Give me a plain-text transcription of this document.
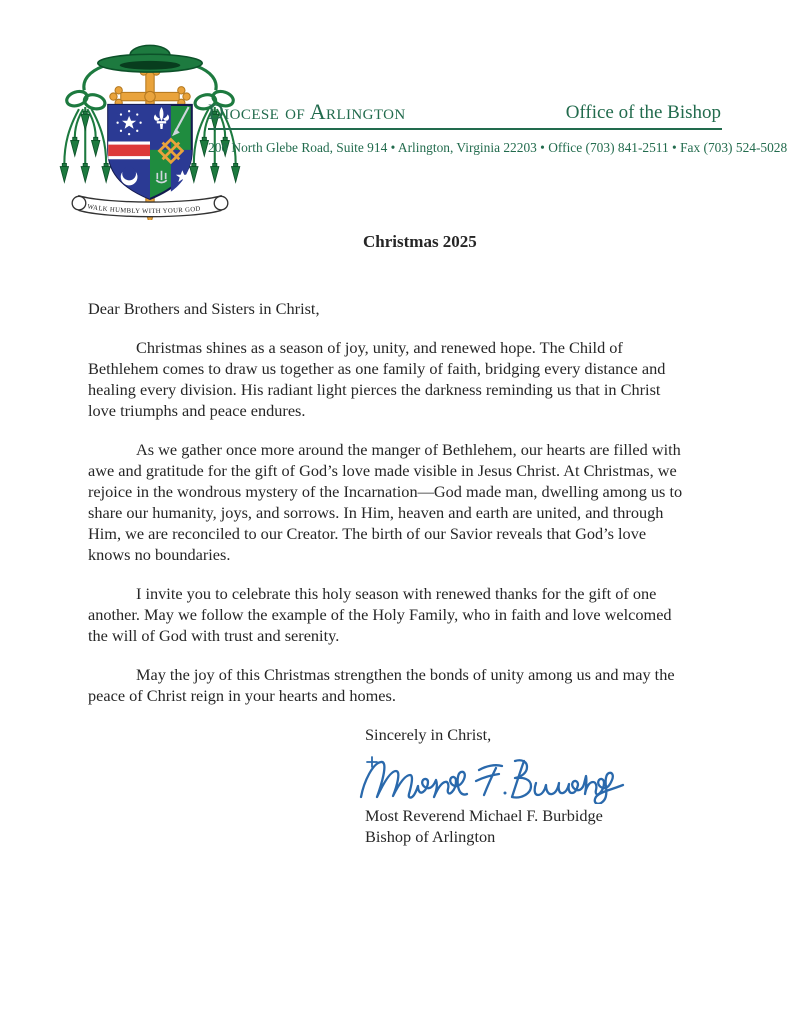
WALK HUMBLY WITH YOUR GOD
Diocese of Arlington	Office of the Bishop
200 North Glebe Road, Suite 914 • Arlington, Virginia 22203 • Office (703) 841-2511 • Fax (703) 524-5028
Christmas 2025

Dear Brothers and Sisters in Christ,

Christmas shines as a season of joy, unity, and renewed hope. The Child of Bethlehem comes to draw us together as one family of faith, bridging every distance and healing every division. His radiant light pierces the darkness reminding us that in Christ love triumphs and peace endures.

As we gather once more around the manger of Bethlehem, our hearts are filled with awe and gratitude for the gift of God’s love made visible in Jesus Christ. At Christmas, we rejoice in the wondrous mystery of the Incarnation—God made man, dwelling among us to share our humanity, joys, and sorrows. In Him, heaven and earth are united, and through Him, we are reconciled to our Creator. The birth of our Savior reveals that God’s love knows no boundaries.

I invite you to celebrate this holy season with renewed thanks for the gift of one another. May we follow the example of the Holy Family, who in faith and love welcomed the will of God with trust and serenity.

May the joy of this Christmas strengthen the bonds of unity among us and may the peace of Christ reign in your hearts and homes.

Sincerely in Christ,
Most Reverend Michael F. Burbidge
Bishop of Arlington
